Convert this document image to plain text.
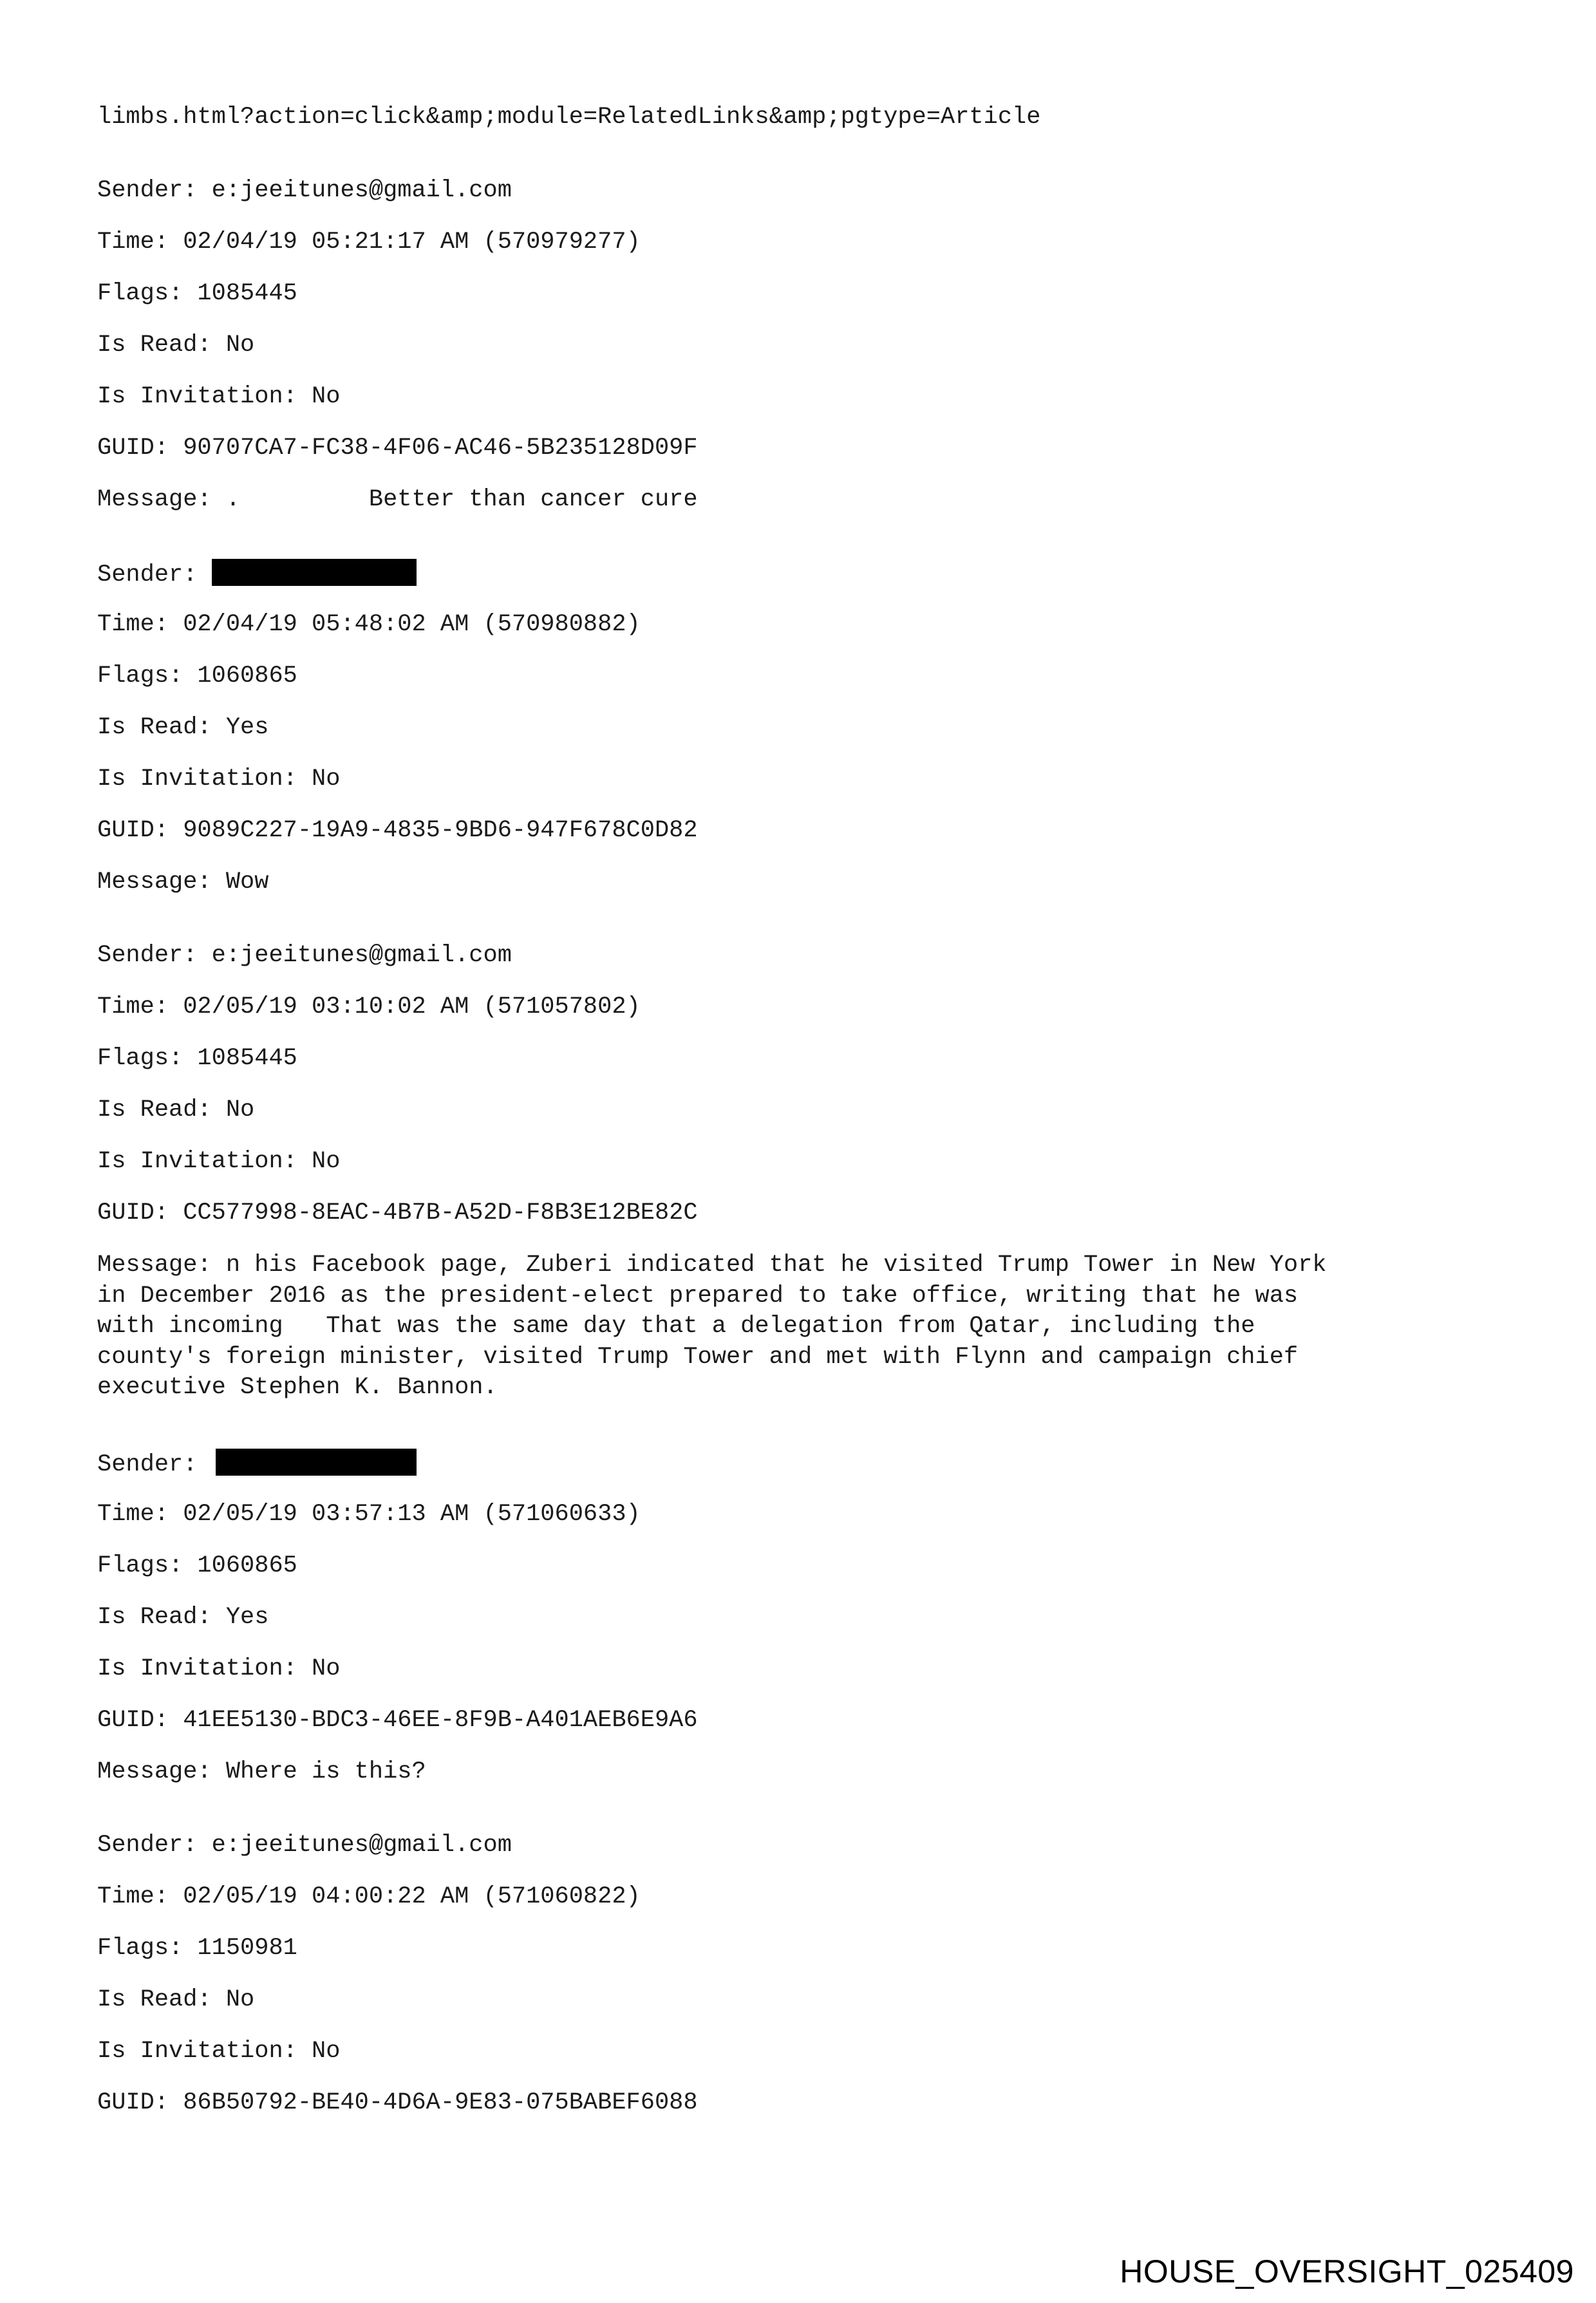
limbs.html?action=click&amp;module=RelatedLinks&amp;pgtype=Article
Sender: e:jeeitunes@gmail.com
Time: 02/04/19 05:21:17 AM (570979277)
Flags: 1085445
Is Read: No
Is Invitation: No
GUID: 90707CA7-FC38-4F06-AC46-5B235128D09F
Message: .         Better than cancer cure
Sender:
Time: 02/04/19 05:48:02 AM (570980882)
Flags: 1060865
Is Read: Yes
Is Invitation: No
GUID: 9089C227-19A9-4835-9BD6-947F678C0D82
Message: Wow
Sender: e:jeeitunes@gmail.com
Time: 02/05/19 03:10:02 AM (571057802)
Flags: 1085445
Is Read: No
Is Invitation: No
GUID: CC577998-8EAC-4B7B-A52D-F8B3E12BE82C
Message: n his Facebook page, Zuberi indicated that he visited Trump Tower in New York
in December 2016 as the president-elect prepared to take office, writing that he was
with incoming   That was the same day that a delegation from Qatar, including the
county's foreign minister, visited Trump Tower and met with Flynn and campaign chief
executive Stephen K. Bannon.
Sender:
Time: 02/05/19 03:57:13 AM (571060633)
Flags: 1060865
Is Read: Yes
Is Invitation: No
GUID: 41EE5130-BDC3-46EE-8F9B-A401AEB6E9A6
Message: Where is this?
Sender: e:jeeitunes@gmail.com
Time: 02/05/19 04:00:22 AM (571060822)
Flags: 1150981
Is Read: No
Is Invitation: No
GUID: 86B50792-BE40-4D6A-9E83-075BABEF6088
HOUSE_OVERSIGHT_025409
